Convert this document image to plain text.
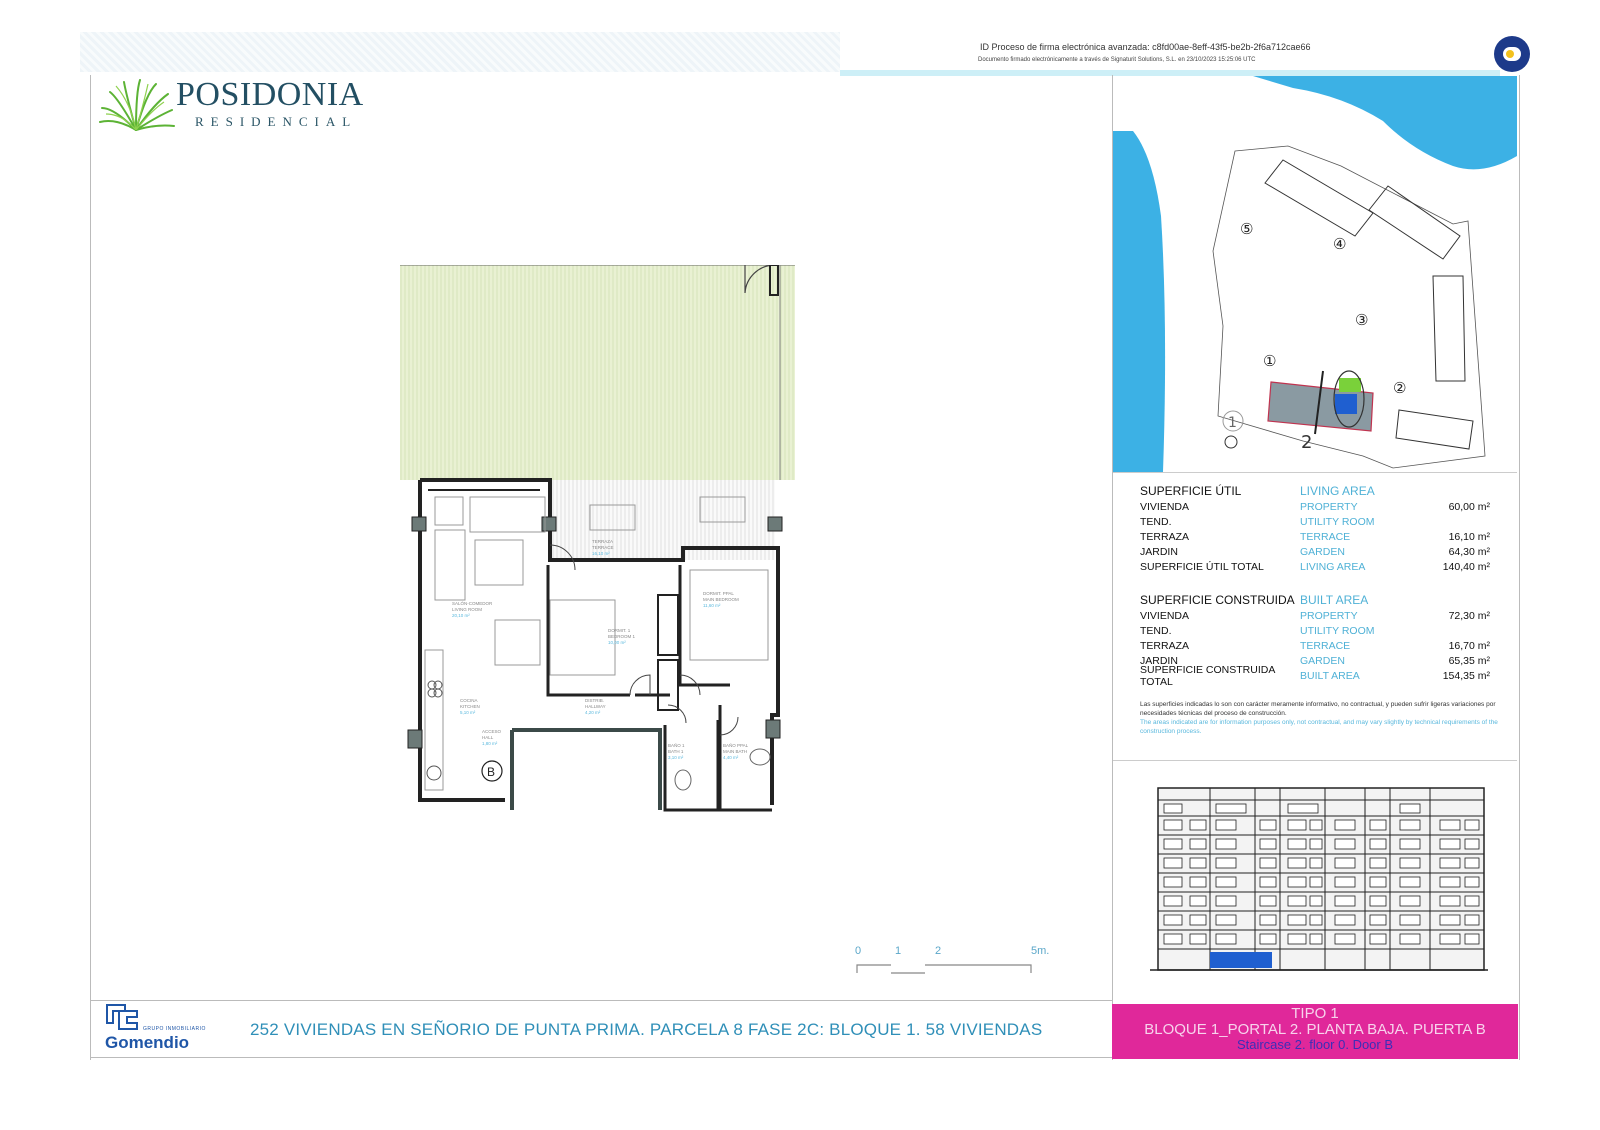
ID Proceso de firma electrónica avanzada: c8fd00ae-8eff-43f5-be2b-2f6a712cae66
Documento firmado electrónicamente a través de Signaturit Solutions, S.L. en 23/10/2023 15:25:06 UTC
POSIDONIA
RESIDENCIAL
B
SALÓN-COMEDOR
LIVING ROOM
20,10 m²
TERRAZA
TERRACE
16,10 m²
DORMIT. PPAL
MAIN BEDROOM
11,60 m²
DORMIT. 1
BEDROOM 1
10,00 m²
COCINA
KITCHEN
5,10 m²
DISTRIB.
HALLWAY
4,20 m²
ACCESO
HALL
1,80 m²	BAÑO 1
BATH 1
3,10 m²
BAÑO PPAL
MAIN BATH
4,40 m²
0	1	2	5m.
⑤
④
③
②
①
1
2
SUPERFICIE ÚTIL	LIVING AREA
VIVIENDA	PROPERTY	60,00 m²
TEND.	UTILITY ROOM
TERRAZA	TERRACE	16,10 m²
JARDIN	GARDEN	64,30 m²
SUPERFICIE ÚTIL TOTAL	LIVING AREA	140,40 m²
SUPERFICIE CONSTRUIDA BUILT AREA
VIVIENDA	PROPERTY	72,30 m²
TEND.	UTILITY ROOM
TERRAZA	TERRACE	16,70 m²
JARDIN	GARDEN	65,35 m²
SUPERFICIE CONSTRUIDA TOTAL	BUILT AREA	154,35 m²
Las superficies indicadas lo son con carácter meramente informativo, no contractual, y pueden sufrir ligeras variaciones por necesidades técnicas del proceso de construcción.
The areas indicated are for information purposes only, not contractual, and may vary slightly by technical requirements of the construction process.
GRUPO INMOBILIARIO
Gomendio
252 VIVIENDAS EN SEÑORIO DE PUNTA PRIMA. PARCELA 8 FASE 2C: BLOQUE 1. 58 VIVIENDAS
TIPO 1
BLOQUE 1_PORTAL 2. PLANTA BAJA. PUERTA B
Staircase 2. floor 0. Door B
